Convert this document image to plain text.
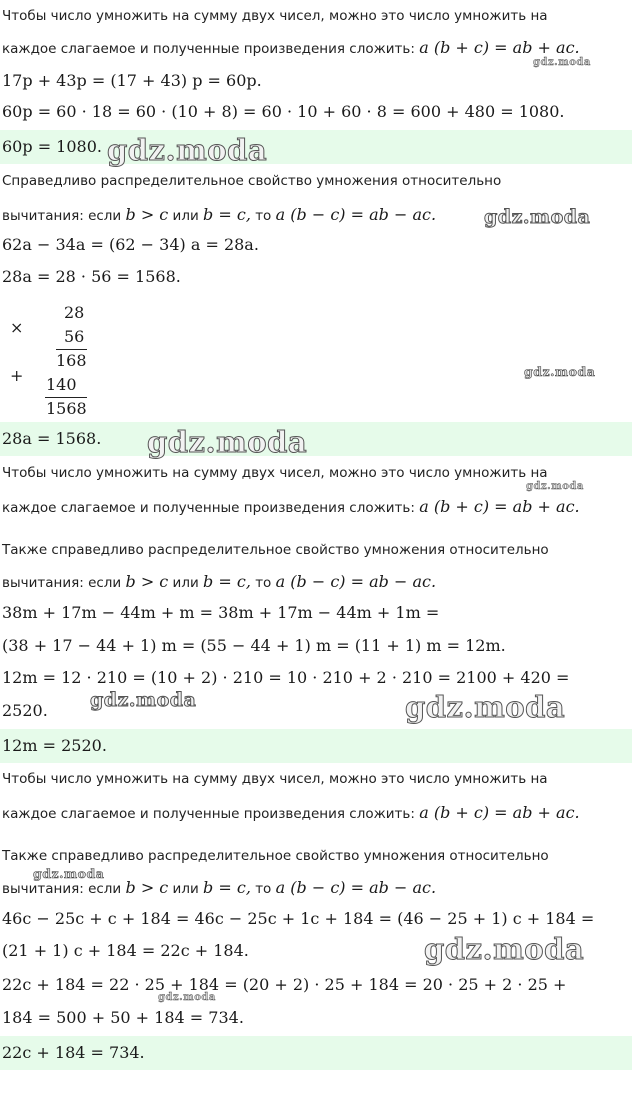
Чтобы число умножить на сумму двух чисел, можно это число умножить на
каждое слагаемое и полученные произведения сложить: a (b + c) = ab + ac.
gdz.moda
17p + 43p = (17 + 43) p = 60p.
60p = 60 · 18 = 60 · (10 + 8) = 60 · 10 + 60 · 8 = 600 + 480 = 1080.
60p = 1080. gdz.moda
Справедливо распределительное свойство умножения относительно
вычитания: если b > c или b = c, то a (b − c) = ab − ac.	gdz.moda
62a − 34a = (62 − 34) a = 28a.
28a = 28 · 56 = 1568.
×
28
56
168
+ 140
1568
gdz.moda
28a = 1568.	gdz.moda
Чтобы число умножить на сумму двух чисел, можно это число умножить на
gdz.moda
каждое слагаемое и полученные произведения сложить: a (b + c) = ab + ac.
Также справедливо распределительное свойство умножения относительно
вычитания: если b > c или b = c, то a (b − c) = ab − ac.
38m + 17m − 44m + m = 38m + 17m − 44m + 1m =
(38 + 17 − 44 + 1) m = (55 − 44 + 1) m = (11 + 1) m = 12m.
12m = 12 · 210 = (10 + 2) · 210 = 10 · 210 + 2 · 210 = 2100 + 420 =
2520.	gdz.moda	gdz.moda
12m = 2520.
Чтобы число умножить на сумму двух чисел, можно это число умножить на
каждое слагаемое и полученные произведения сложить: a (b + c) = ab + ac.
Также справедливо распределительное свойство умножения относительно
gdz.moda
вычитания: если b > c или b = c, то a (b − c) = ab − ac.
46c − 25c + c + 184 = 46c − 25c + 1c + 184 = (46 − 25 + 1) c + 184 =
(21 + 1) c + 184 = 22c + 184.	gdz.moda
22c + 184 = 22 · 25 + 184 = (20 + 2) · 25 + 184 = 20 · 25 + 2 · 25 +
gdz.moda
184 = 500 + 50 + 184 = 734.
22c + 184 = 734.
